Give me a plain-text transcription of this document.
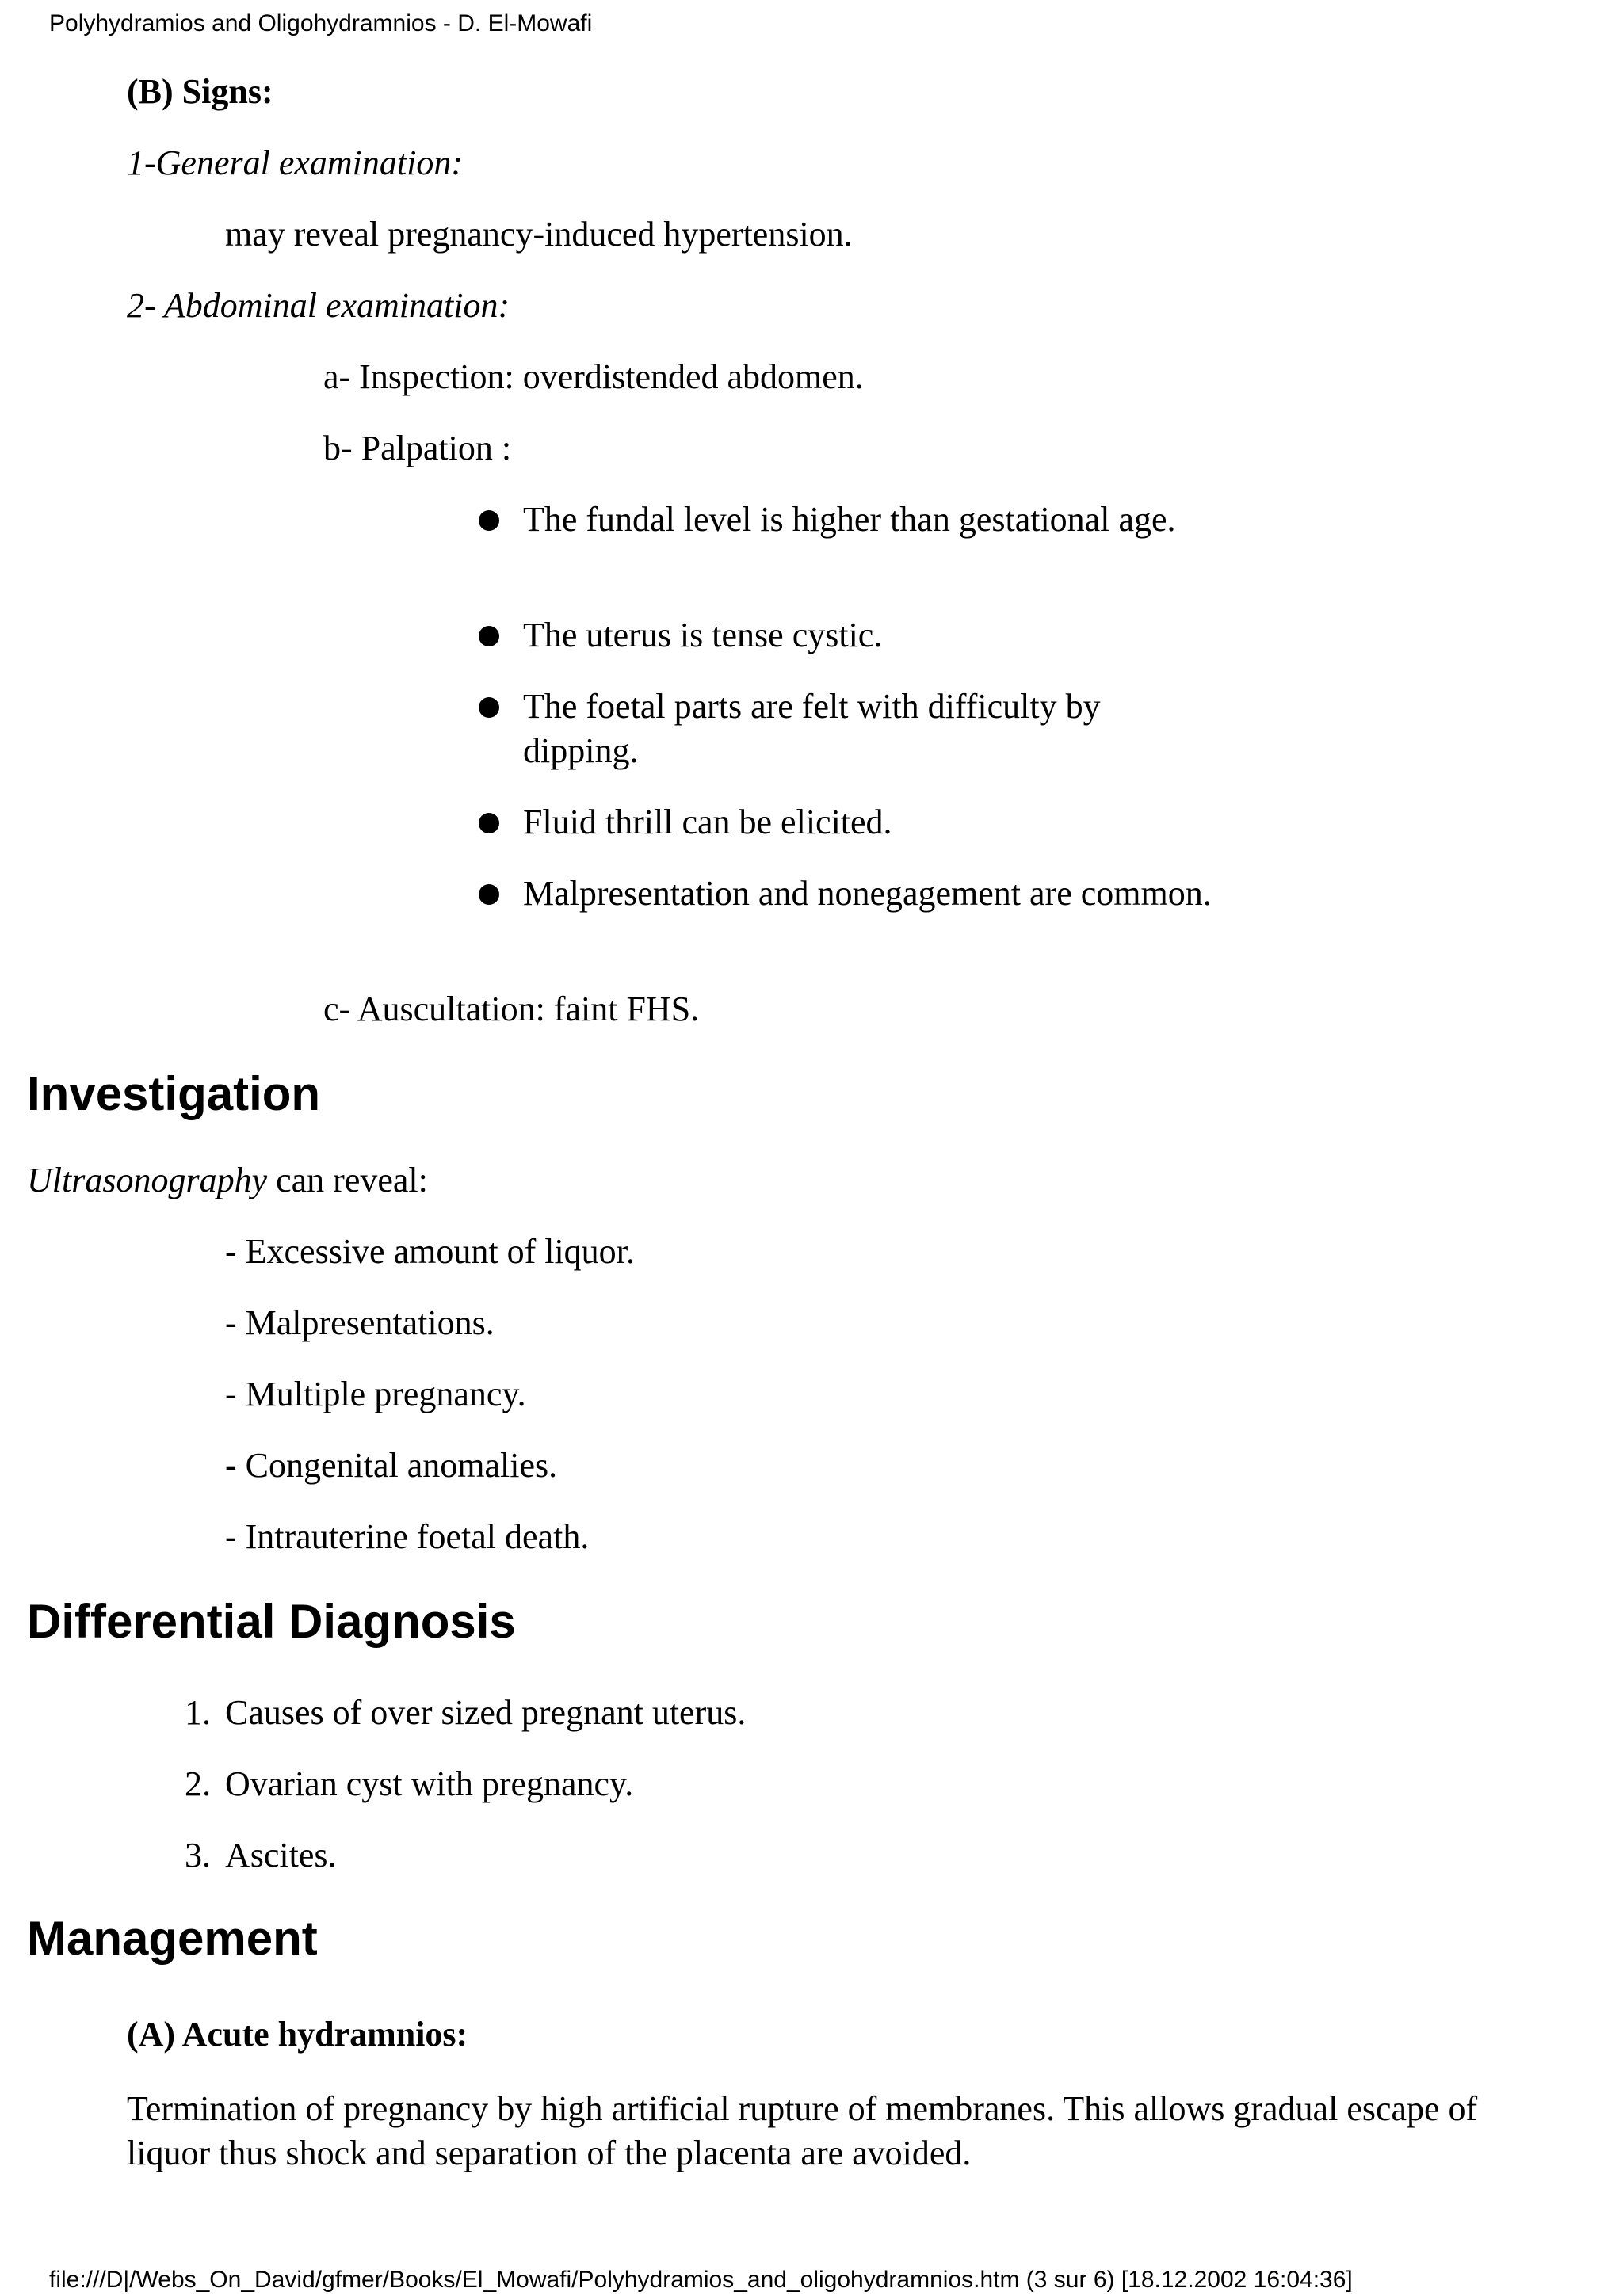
Polyhydramios and Oligohydramnios - D. El-Mowafi
(B) Signs:
1-General examination:
may reveal pregnancy-induced hypertension.
2- Abdominal examination:
a- Inspection: overdistended abdomen.
b- Palpation :
The fundal level is higher than gestational age.
The uterus is tense cystic.
The foetal parts are felt with difficulty by dipping.
Fluid thrill can be elicited.
Malpresentation and nonegagement are common.
c- Auscultation: faint FHS.
Investigation
Ultrasonography can reveal:
- Excessive amount of liquor.
- Malpresentations.
- Multiple pregnancy.
- Congenital anomalies.
- Intrauterine foetal death.
Differential Diagnosis
1. Causes of over sized pregnant uterus.
2. Ovarian cyst with pregnancy.
3. Ascites.
Management
(A) Acute hydramnios:
Termination of pregnancy by high artificial rupture of membranes. This allows gradual escape of liquor thus shock and separation of the placenta are avoided.
file:///D|/Webs_On_David/gfmer/Books/El_Mowafi/Polyhydramios_and_oligohydramnios.htm (3 sur 6) [18.12.2002 16:04:36]
